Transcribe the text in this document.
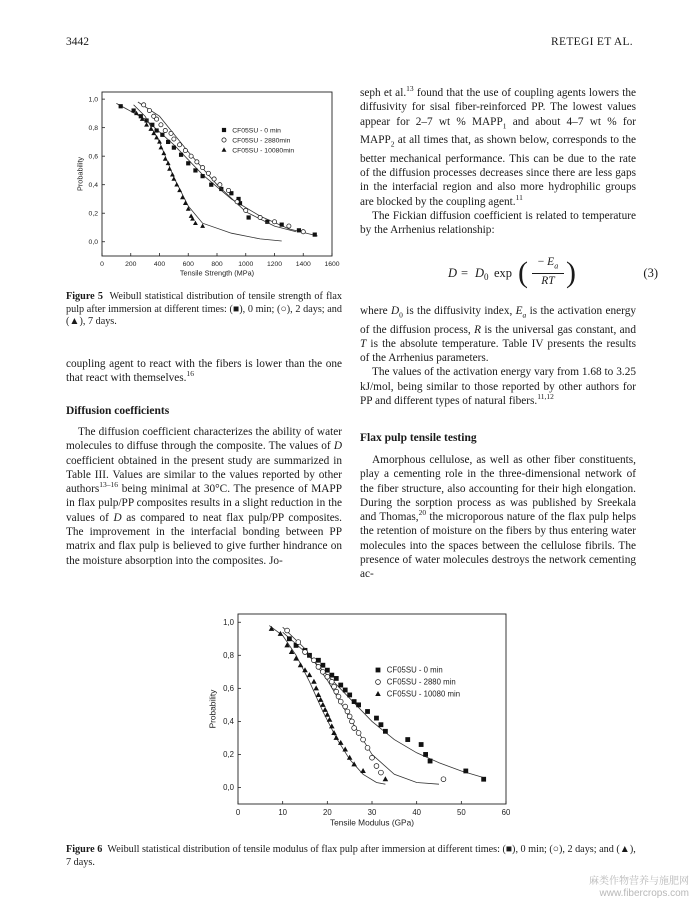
3442	RETEGI ET AL.
0	200	400	600	800 1000 1200 1400 1600
0,0
0,2
0,4
0,6
0,8
1,0
Tensile Strength (MPa)
Probability
CF05SU - 0 min
CF05SU - 2880min
CF05SU - 10080min
Figure 5 Weibull statistical distribution of tensile strength of flax pulp after immersion at different times: (■), 0 min; (○), 2 days; and (▲), 7 days.

coupling agent to react with the fibers is lower than the one that react with themselves.$^{16}$

Diffusion coefficients

The diffusion coefficient characterizes the ability of water molecules to diffuse through the composite. The values of D coefficient obtained in the present study are summarized in Table III. Values are similar to the values reported by other authors$^{13-16}$ being minimal at 30°C. The presence of MAPP in flax pulp/PP composites results in a slight reduction in the values of D as compared to neat flax pulp/PP composites. The improvement in the interfacial bonding between PP matrix and flax pulp is believed to give further hindrance on the moisture absorption into the composites. Jo-

seph et al.$^{13}$ found that the use of coupling agents lowers the diffusivity for sisal fiber-reinforced PP. The lowest values appear for 2–7 wt % $MAPP_1$ and about 4–7 wt % for $MAPP_2$ at all times that, as shown below, corresponds to the better mechanical performance. This can be due to the rate of the diffusion processes decreases since there are less gaps in the interfacial region and also more hydrophilic groups are blocked by the coupling agent.$^{11}$

The Fickian diffusion coefficient is related to temperature by the Arrhenius relationship:

D = D 0 exp ( − $E_a$
RT )	(3)

where $D_0$ is the diffusivity index, $E_a$ is the activation energy of the diffusion process, R is the universal gas constant, and T is the absolute temperature. Table IV presents the results of the Arrhenius parameters.

The values of the activation energy vary from 1.68 to 3.25 kJ/mol, being similar to those reported by other authors for PP and different types of natural fibers.$^{11,12}$

Flax pulp tensile testing

Amorphous cellulose, as well as other fiber constituents, play a cementing role in the three-dimensional network of the fiber structure, also accounting for their high elongation. During the sorption process as was published by Sreekala and Thomas,$^{20}$ the microporous nature of the flax pulp helps the retention of moisture on the fibers by thus entering water molecules into the spaces between the cellulose fibrils. The presence of water molecules destroys the network cementing ac-

0	10	20	30	40	50	60
0,0
0,2
0,4
0,6
0,8
1,0
Tensile Modulus (GPa)
Probability
CF05SU - 0 min
CF05SU - 2880 min
CF05SU - 10080 min
Figure 6 Weibull statistical distribution of tensile modulus of flax pulp after immersion at different times: (■), 0 min; (○), 2 days; and (▲), 7 days.
麻类作物营养与施肥网
www.fibercrops.com
